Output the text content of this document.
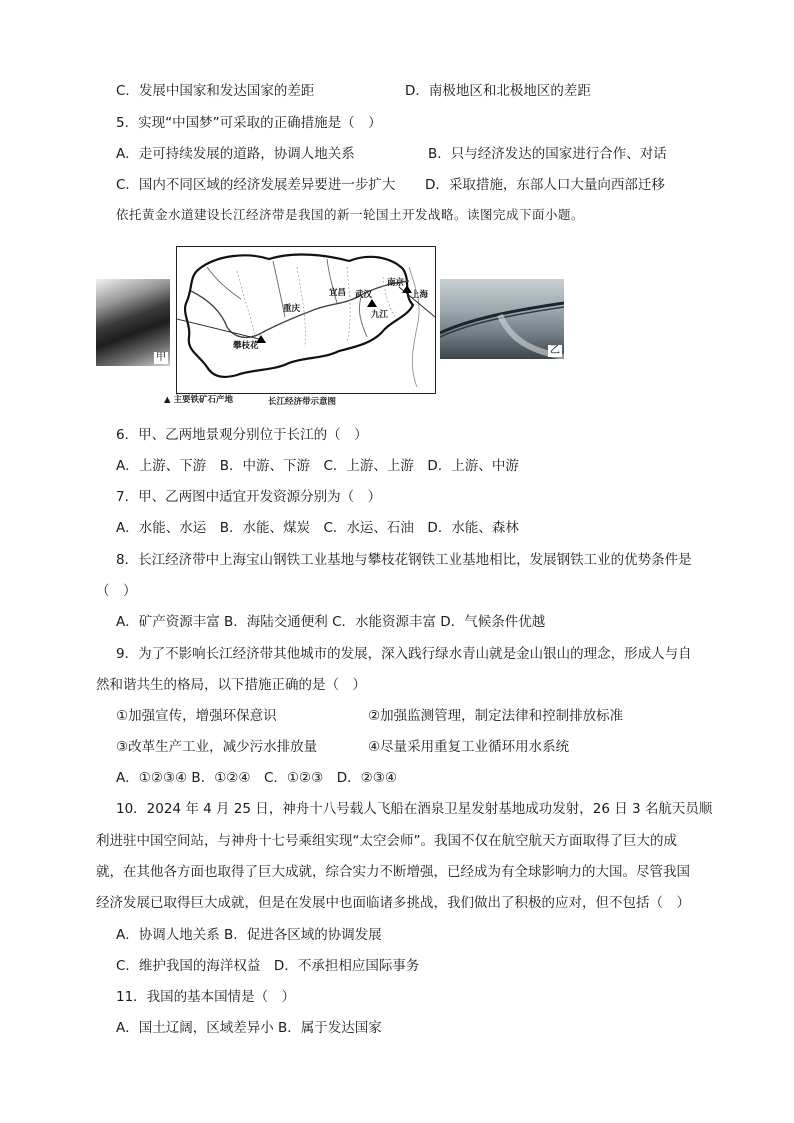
C．发展中国家和发达国家的差距	D．南极地区和北极地区的差距
5．实现“中国梦”可采取的正确措施是（　）
A．走可持续发展的道路，协调人地关系	B．只与经济发达的国家进行合作、对话
C．国内不同区域的经济发展差异要进一步扩大 D．采取措施，东部人口大量向西部迁移
依托黄金水道建设长江经济带是我国的新一轮国土开发战略。读图完成下面小题。
甲
重庆
宜昌 武汉
南京
上海
九江
攀枝花	乙
▲ 主要铁矿石产地	长江经济带示意图
6．甲、乙两地景观分别位于长江的（　）
A．上游、下游　B．中游、下游　C．上游、上游　D．上游、中游
7．甲、乙两图中适宜开发资源分别为（　）
A．水能、水运　B．水能、煤炭　C．水运、石油　D．水能、森林
8．长江经济带中上海宝山钢铁工业基地与攀枝花钢铁工业基地相比，发展钢铁工业的优势条件是
（　）
A．矿产资源丰富 B．海陆交通便利 C．水能资源丰富 D．气候条件优越
9．为了不影响长江经济带其他城市的发展，深入践行绿水青山就是金山银山的理念，形成人与自
然和谐共生的格局，以下措施正确的是（　）
①加强宣传，增强环保意识	②加强监测管理，制定法律和控制排放标准
③改革生产工业，减少污水排放量	④尽量采用重复工业循环用水系统
A．①②③④ B．①②④　C．①②③　D．②③④
10．2024 年 4 月 25 日，神舟十八号载人飞船在酒泉卫星发射基地成功发射，26 日 3 名航天员顺
利进驻中国空间站，与神舟十七号乘组实现“太空会师”。我国不仅在航空航天方面取得了巨大的成
就，在其他各方面也取得了巨大成就，综合实力不断增强，已经成为有全球影响力的大国。尽管我国
经济发展已取得巨大成就，但是在发展中也面临诸多挑战，我们做出了积极的应对，但不包括（　）
A．协调人地关系 B．促进各区域的协调发展
C．维护我国的海洋权益　D．不承担相应国际事务
11．我国的基本国情是（　）
A．国土辽阔，区域差异小 B．属于发达国家
